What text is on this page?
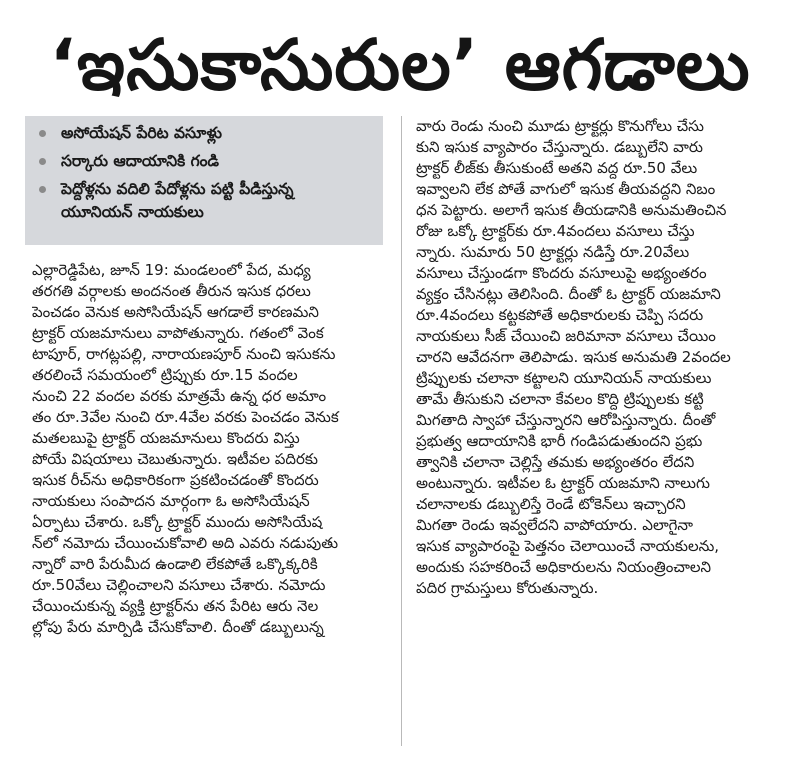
‘ఇసుకాసురుల’ ఆగడాలు
అసోయేషన్ పేరిట వసూళ్లు
సర్కారు ఆదాయానికి గండి
పెద్దోళ్లను వదిలి పేదోళ్లను పట్టి పీడిస్తున్న
యూనియన్ నాయకులు

ఎల్లారెడ్డిపేట, జూన్ 19: మండలంలో పేద, మధ్య

తరగతి వర్గాలకు అందనంత తీరున ఇసుక ధరలు

పెంచడం వెనుక అసోసియేషన్ ఆగడాలే కారణమని

ట్రాక్టర్ యజమానులు వాపోతున్నారు. గతంలో వెంక

టాపూర్, రాగట్లపల్లి, నారాయణపూర్ నుంచి ఇసుకను

తరలించే సమయంలో ట్రిప్పుకు రూ.15 వందల

నుంచి 22 వందల వరకు మాత్రమే ఉన్న ధర అమాం

తం రూ.3వేల నుంచి రూ.4వేల వరకు పెంచడం వెనుక

మతలబుపై ట్రాక్టర్ యజమానులు కొందరు విస్తు

పోయే విషయాలు చెబుతున్నారు. ఇటీవల పదిరకు

ఇసుక రీచ్‌ను అధికారికంగా ప్రకటించడంతో కొందరు

నాయకులు సంపాదన మార్గంగా ఓ అసోసియేషన్

ఏర్పాటు చేశారు. ఒక్కో ట్రాక్టర్ ముందు అసోసియేష

న్‌లో నమోదు చేయించుకోవాలి అది ఎవరు నడుపుతు

న్నారో వారి పేరుమీద ఉండాలి లేకపోతే ఒక్కొక్కరికి

రూ.50వేలు చెల్లించాలని వసూలు చేశారు. నమోదు

చేయించుకున్న వ్యక్తి ట్రాక్టర్‌ను తన పేరిట ఆరు నెల

ల్లోపు పేరు మార్పిడి చేసుకోవాలి. దీంతో డబ్బులున్న

వారు రెండు నుంచి మూడు ట్రాక్టర్లు కొనుగోలు చేసు

కుని ఇసుక వ్యాపారం చేస్తున్నారు. డబ్బులేని వారు

ట్రాక్టర్ లీజ్‌కు తీసుకుంటే అతని వద్ద రూ.50 వేలు

ఇవ్వాలని లేక పోతే వాగులో ఇసుక తీయవద్దని నిబం

ధన పెట్టారు. అలాగే ఇసుక తీయడానికి అనుమతించిన

రోజు ఒక్కో ట్రాక్టర్‌కు రూ.4వందలు వసూలు చేస్తు

న్నారు. సుమారు 50 ట్రాక్టర్లు నడిస్తే రూ.20వేలు

వసూలు చేస్తుండగా కొందరు వసూలుపై అభ్యంతరం

వ్యక్తం చేసినట్లు తెలిసింది. దీంతో ఓ ట్రాక్టర్ యజమాని

రూ.4వందలు కట్టకపోతే అధికారులకు చెప్పి సదరు

నాయకులు సీజ్ చేయించి జరిమానా వసూలు చేయిం

చారని ఆవేదనగా తెలిపాడు. ఇసుక అనుమతి 2వందల

ట్రిప్పులకు చలానా కట్టాలని యూనియన్ నాయకులు

తామే తీసుకుని చలానా కేవలం కొద్ది ట్రిప్పులకు కట్టి

మిగతాది స్వాహా చేస్తున్నారని ఆరోపిస్తున్నారు. దీంతో

ప్రభుత్వ ఆదాయానికి భారీ గండిపడుతుందని ప్రభు

త్వానికి చలానా చెల్లిస్తే తమకు అభ్యంతరం లేదని

అంటున్నారు. ఇటీవల ఓ ట్రాక్టర్ యజమాని నాలుగు

చలానాలకు డబ్బులిస్తే రెండే టోకెన్‌లు ఇచ్చారని

మిగతా రెండు ఇవ్వలేదని వాపోయారు. ఎలాగైనా

ఇసుక వ్యాపారంపై పెత్తనం చెలాయించే నాయకులను,

అందుకు సహకరించే అధికారులను నియంత్రించాలని

పదిర గ్రామస్తులు కోరుతున్నారు.
